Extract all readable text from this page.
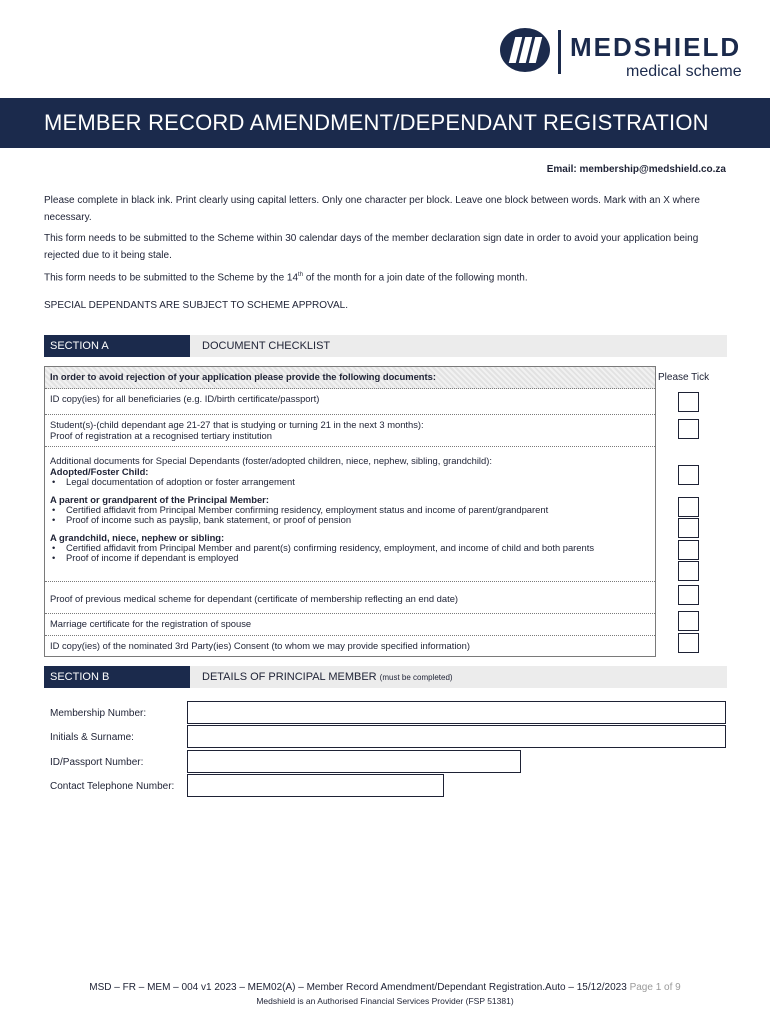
MEDSHIELD
medical scheme
MEMBER RECORD AMENDMENT/DEPENDANT REGISTRATION
Email: membership@medshield.co.za
Please complete in black ink. Print clearly using capital letters. Only one character per block. Leave one block between words. Mark with an X where necessary.
This form needs to be submitted to the Scheme within 30 calendar days of the member declaration sign date in order to avoid your application being rejected due to it being stale.
This form needs to be submitted to the Scheme by the 14th of the month for a join date of the following month.
SPECIAL DEPENDANTS ARE SUBJECT TO SCHEME APPROVAL.
SECTION A	DOCUMENT CHECKLIST

In order to avoid rejection of your application please provide the following documents:

ID copy(ies) for all beneficiaries (e.g. ID/birth certificate/passport)

Student(s)-(child dependant age 21-27 that is studying or turning 21 in the next 3 months):

Proof of registration at a recognised tertiary institution

Additional documents for Special Dependants (foster/adopted children, niece, nephew, sibling, grandchild):

Adopted/Foster Child:

• Legal documentation of adoption or foster arrangement

A parent or grandparent of the Principal Member:

• Certified affidavit from Principal Member confirming residency, employment status and income of parent/grandparent
• Proof of income such as payslip, bank statement, or proof of pension

A grandchild, niece, nephew or sibling:

• Certified affidavit from Principal Member and parent(s) confirming residency, employment, and income of child and both parents
• Proof of income if dependant is employed

Proof of previous medical scheme for dependant (certificate of membership reflecting an end date)

Marriage certificate for the registration of spouse

ID copy(ies) of the nominated 3rd Party(ies) Consent (to whom we may provide specified information)

Please Tick
SECTION B	DETAILS OF PRINCIPAL MEMBER (must be completed)
Membership Number:
Initials & Surname:
ID/Passport Number:
Contact Telephone Number:
MSD – FR – MEM – 004 v1 2023 – MEM02(A) – Member Record Amendment/Dependant Registration.Auto – 15/12/2023 Page 1 of 9
Medshield is an Authorised Financial Services Provider (FSP 51381)
